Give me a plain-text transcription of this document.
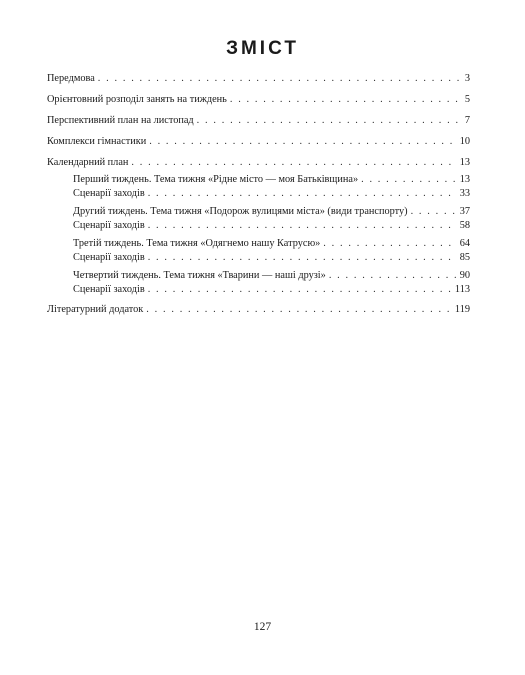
ЗМІСТ
Передмова . . .	3
Орієнтовний розподіл занять на тиждень . . .	5
Перспективний план на листопад . . .	7
Комплекси гімнастики . . .	10
Календарний план . . .	13
Перший тиждень. Тема тижня «Рідне місто — моя Батьківщина» . . .	13
Сценарії заходів . . .	33
Другий тиждень. Тема тижня «Подорож вулицями міста» (види транспорту) . . .	37
Сценарії заходів . . .	58
Третій тиждень. Тема тижня «Одягнемо нашу Катрусю» . . .	64
Сценарії заходів . . .	85
Четвертий тиждень. Тема тижня «Тварини — наші друзі» . . .	90
Сценарії заходів . . .	113
Літературний додаток . . .	119
127
